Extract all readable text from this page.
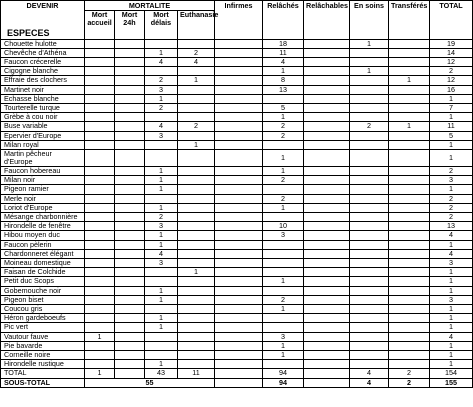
DEVENIR	MORTALITE				Infirmes	Relâchés	Relâchables	En soins	Transférés	TOTAL
ESPECES	Mort accueil	Mort 24h	Mort délais	Euthanasie						
Chouette hulotte						18		1		19
Chevêche d'Athéna			1	2		11				14
Faucon crécerelle			4	4		4				12
Cigogne blanche						1		1		2
Effraie des clochers			2	1		8			1	12
Martinet noir			3			13				16
Echasse blanche			1							1
Tourterelle turque			2			5				7
Grèbe à cou noir						1				1
Buse variable			4	2		2		2	1	11
Epervier d'Europe			3			2				5
Milan royal				1						1
Martin pêcheur d'Europe						1				1
Faucon hobereau			1			1				2
Milan noir			1			2				3
Pigeon ramier			1							1
Merle noir						2				2
Loriot d'Europe			1			1				2
Mésange charbonnière			2							2
Hirondelle de fenêtre			3			10				13
Hibou moyen duc			1			3				4
Faucon pèlerin			1							1
Chardonneret élégant			4							4
Moineau domestique			3							3
Faisan de Colchide				1						1
Petit duc Scops						1				1
Gobemouche noir			1							1
Pigeon biset			1			2				3
Coucou gris						1				1
Héron gardeboeufs			1							1
Pic vert			1							1
Vautour fauve	1					3				4
Pie bavarde						1				1
Corneille noire						1				1
Hirondelle rustique			1							1
TOTAL	1		43	11		94		4	2	154
SOUS-TOTAL	55					94		4	2	155
